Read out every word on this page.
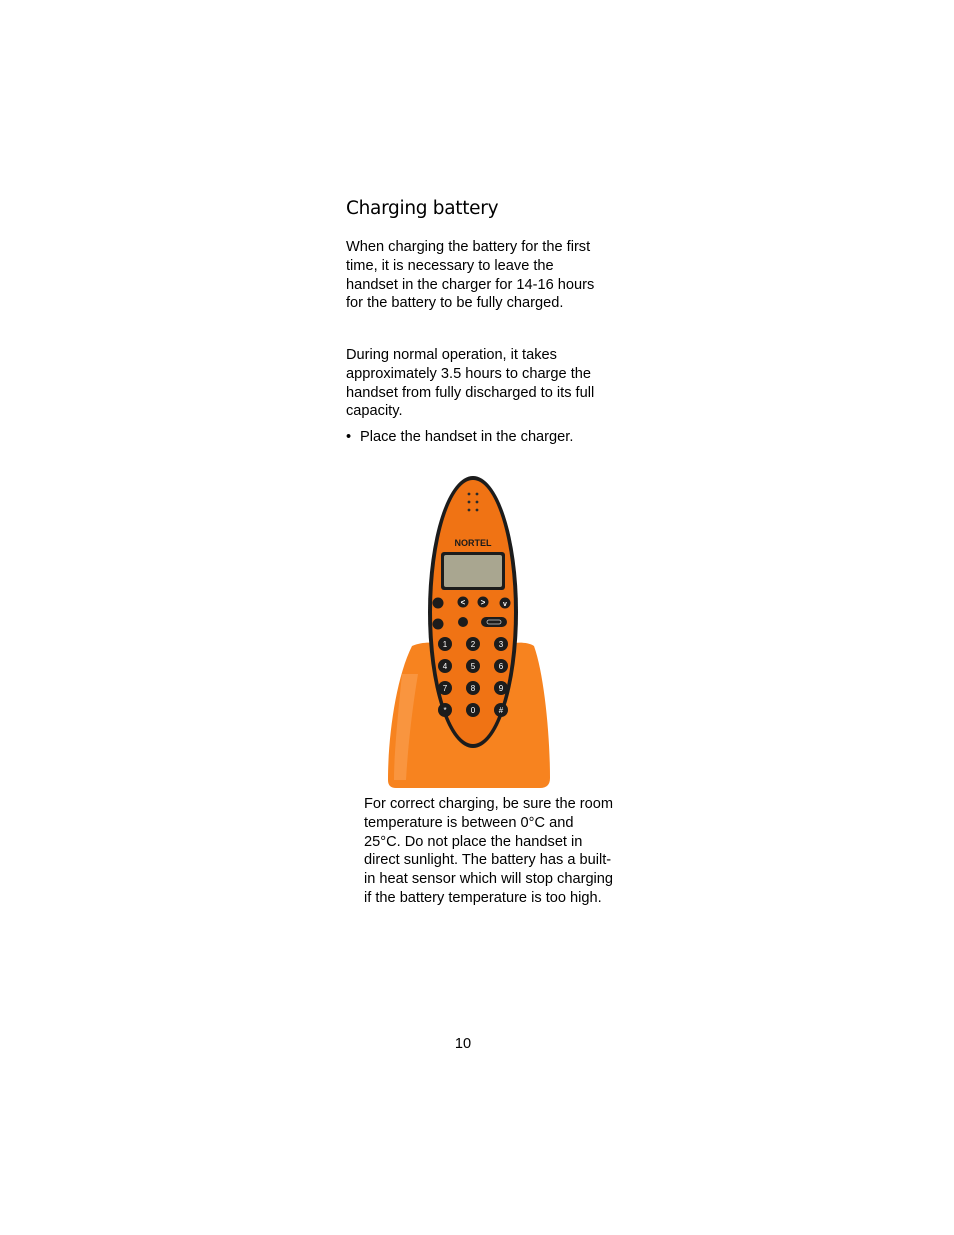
Charging battery

When charging the battery for the first time, it is necessary to leave the handset in the charger for 14-16 hours for the battery to be fully charged.

During normal operation, it takes approximately 3.5 hours to charge the handset from fully discharged to its full capacity.

• Place the handset in the charger.

NORTEL
< >	v
1	2	3
4	5	6
7	8	9
*	0	#

For correct charging, be sure the room temperature is between 0°C and 25°C. Do not place the handset in direct sunlight. The battery has a built-in heat sensor which will stop charging if the battery temperature is too high.

10
